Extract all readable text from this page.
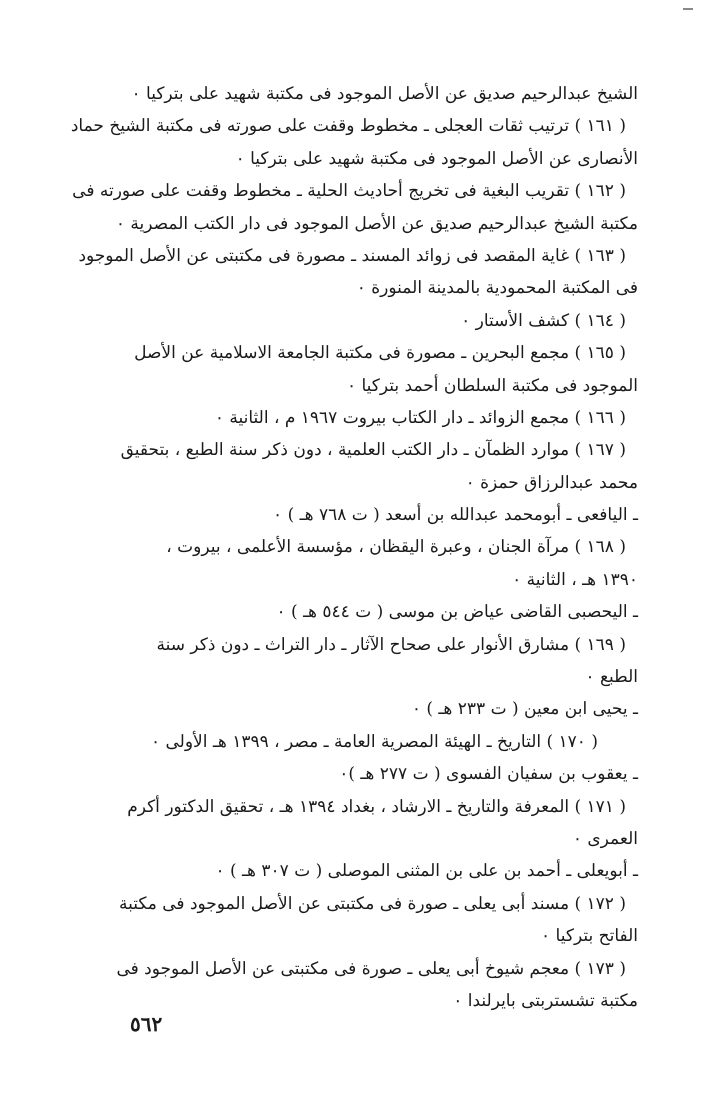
الشيخ عبدالرحيم صديق عن الأصل الموجود فى مكتبة شهيد على بتركيا ٠
( ١٦١ ) ترتيب ثقات العجلى ـ مخطوط وقفت على صورته فى مكتبة الشيخ حماد
الأنصارى عن الأصل الموجود فى مكتبة شهيد على بتركيا ٠
( ١٦٢ ) تقريب البغية فى تخريج أحاديث الحلية ـ مخطوط وقفت على صورته فى
مكتبة الشيخ عبدالرحيم صديق عن الأصل الموجود فى دار الكتب المصرية ٠
( ١٦٣ ) غاية المقصد فى زوائد المسند ـ مصورة فى مكتبتى عن الأصل الموجود
فى المكتبة المحمودية بالمدينة المنورة ٠
( ١٦٤ ) كشف الأستار ٠
( ١٦٥ ) مجمع البحرين ـ مصورة فى مكتبة الجامعة الاسلامية عن الأصل
الموجود فى مكتبة السلطان أحمد بتركيا ٠
( ١٦٦ ) مجمع الزوائد ـ دار الكتاب بيروت ١٩٦٧ م ، الثانية ٠
( ١٦٧ ) موارد الظمآن ـ دار الكتب العلمية ، دون ذكر سنة الطبع ، بتحقيق
محمد عبدالرزاق حمزة ٠
ـ اليافعى ـ أبومحمد عبدالله بن أسعد ( ت ٧٦٨ هـ ) ٠
( ١٦٨ ) مرآة الجنان ، وعبرة اليقظان ، مؤسسة الأعلمى ، بيروت ،
١٣٩٠ هـ ، الثانية ٠
ـ اليحصبى القاضى عياض بن موسى ( ت ٥٤٤ هـ ) ٠
( ١٦٩ ) مشارق الأنوار على صحاح الآثار ـ دار التراث ـ دون ذكر سنة
الطبع ٠
ـ يحيى ابن معين ( ت ٢٣٣ هـ ) ٠
( ١٧٠ ) التاريخ ـ الهيئة المصرية العامة ـ مصر ، ١٣٩٩ هـ الأولى ٠
ـ يعقوب بن سفيان الفسوى ( ت ٢٧٧ هـ )٠
( ١٧١ ) المعرفة والتاريخ ـ الارشاد ، بغداد ١٣٩٤ هـ ، تحقيق الدكتور أكرم
العمرى ٠
ـ أبويعلى ـ أحمد بن على بن المثنى الموصلى ( ت ٣٠٧ هـ ) ٠
( ١٧٢ ) مسند أبى يعلى ـ صورة فى مكتبتى عن الأصل الموجود فى مكتبة
الفاتح بتركيا ٠
( ١٧٣ ) معجم شيوخ أبى يعلى ـ صورة فى مكتبتى عن الأصل الموجود فى
مكتبة تشستربتى بايرلندا ٠
٥٦٢
